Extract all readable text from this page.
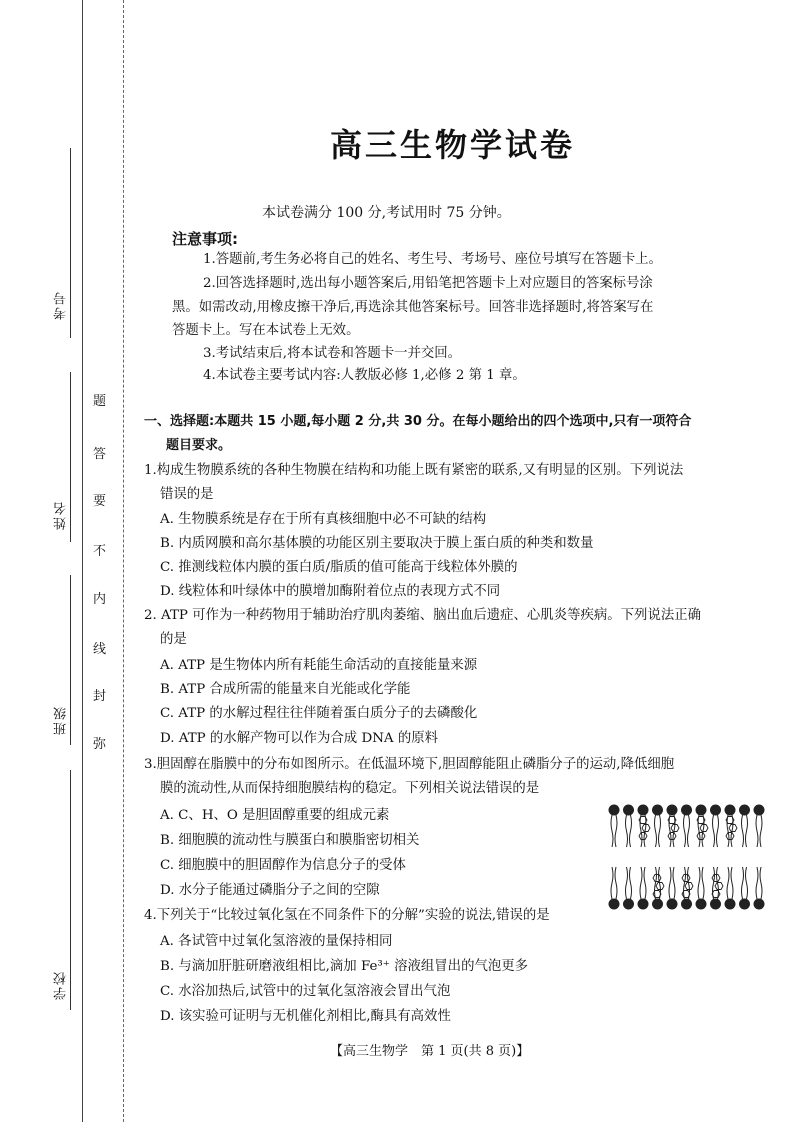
考号
姓名
班级
学校
题
答
要
不
内
线
封
弥
高三生物学试卷
本试卷满分 100 分,考试用时 75 分钟。
注意事项:
1.答题前,考生务必将自己的姓名、考生号、考场号、座位号填写在答题卡上。
2.回答选择题时,选出每小题答案后,用铅笔把答题卡上对应题目的答案标号涂
黑。如需改动,用橡皮擦干净后,再选涂其他答案标号。回答非选择题时,将答案写在
答题卡上。写在本试卷上无效。
3.考试结束后,将本试卷和答题卡一并交回。
4.本试卷主要考试内容:人教版必修 1,必修 2 第 1 章。
一、选择题:本题共 15 小题,每小题 2 分,共 30 分。在每小题给出的四个选项中,只有一项符合
题目要求。
1.构成生物膜系统的各种生物膜在结构和功能上既有紧密的联系,又有明显的区别。下列说法
错误的是
A. 生物膜系统是存在于所有真核细胞中必不可缺的结构
B. 内质网膜和高尔基体膜的功能区别主要取决于膜上蛋白质的种类和数量
C. 推测线粒体内膜的蛋白质/脂质的值可能高于线粒体外膜的
D. 线粒体和叶绿体中的膜增加酶附着位点的表现方式不同
2. ATP 可作为一种药物用于辅助治疗肌肉萎缩、脑出血后遗症、心肌炎等疾病。下列说法正确
的是
A. ATP 是生物体内所有耗能生命活动的直接能量来源
B. ATP 合成所需的能量来自光能或化学能
C. ATP 的水解过程往往伴随着蛋白质分子的去磷酸化
D. ATP 的水解产物可以作为合成 DNA 的原料
3.胆固醇在脂膜中的分布如图所示。在低温环境下,胆固醇能阻止磷脂分子的运动,降低细胞
膜的流动性,从而保持细胞膜结构的稳定。下列相关说法错误的是
A. C、H、O 是胆固醇重要的组成元素
B. 细胞膜的流动性与膜蛋白和膜脂密切相关
C. 细胞膜中的胆固醇作为信息分子的受体
D. 水分子能通过磷脂分子之间的空隙
4.下列关于“比较过氧化氢在不同条件下的分解”实验的说法,错误的是
A. 各试管中过氧化氢溶液的量保持相同
B. 与滴加肝脏研磨液组相比,滴加 Fe³⁺ 溶液组冒出的气泡更多
C. 水浴加热后,试管中的过氧化氢溶液会冒出气泡
D. 该实验可证明与无机催化剂相比,酶具有高效性
【高三生物学　第 1 页(共 8 页)】
